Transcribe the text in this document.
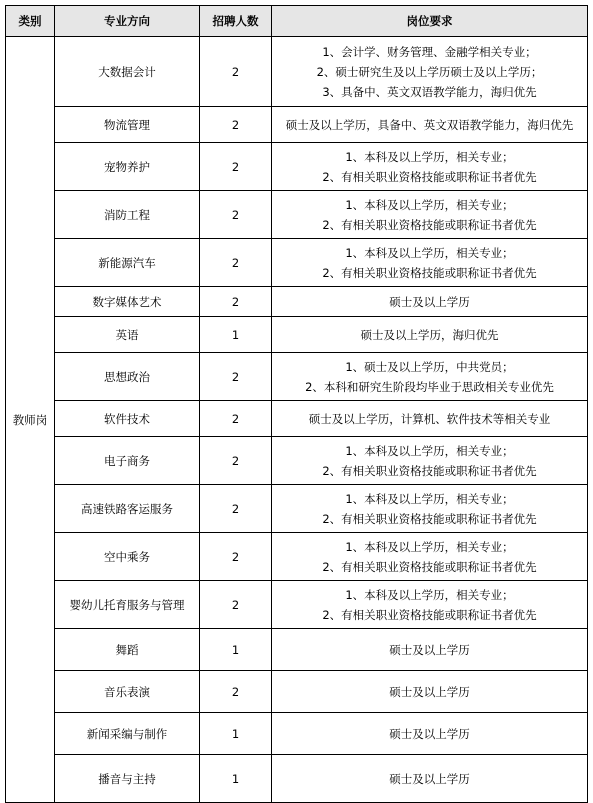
类别	专业方向	招聘人数	岗位要求
教师岗	大数据会计	2	1、会计学、财务管理、金融学相关专业；
2、硕士研究生及以上学历硕士及以上学历；
3、具备中、英文双语教学能力，海归优先

	物流管理	2	硕士及以上学历，具备中、英文双语教学能力，海归优先

	宠物养护	2	1、本科及以上学历，相关专业；
2、有相关职业资格技能或职称证书者优先

	消防工程	2	1、本科及以上学历，相关专业；
2、有相关职业资格技能或职称证书者优先

	新能源汽车	2	1、本科及以上学历，相关专业；
2、有相关职业资格技能或职称证书者优先

	数字媒体艺术	2	硕士及以上学历

	英语	1	硕士及以上学历，海归优先

	思想政治	2	1、硕士及以上学历，中共党员；
2、本科和研究生阶段均毕业于思政相关专业优先

	软件技术	2	硕士及以上学历，计算机、软件技术等相关专业

	电子商务	2	1、本科及以上学历，相关专业；
2、有相关职业资格技能或职称证书者优先

	高速铁路客运服务	2	1、本科及以上学历，相关专业；
2、有相关职业资格技能或职称证书者优先

	空中乘务	2	1、本科及以上学历，相关专业；
2、有相关职业资格技能或职称证书者优先

	婴幼儿托育服务与管理	2	1、本科及以上学历，相关专业；
2、有相关职业资格技能或职称证书者优先

	舞蹈	1	硕士及以上学历

	音乐表演	2	硕士及以上学历

	新闻采编与制作	1	硕士及以上学历

	播音与主持	1	硕士及以上学历
